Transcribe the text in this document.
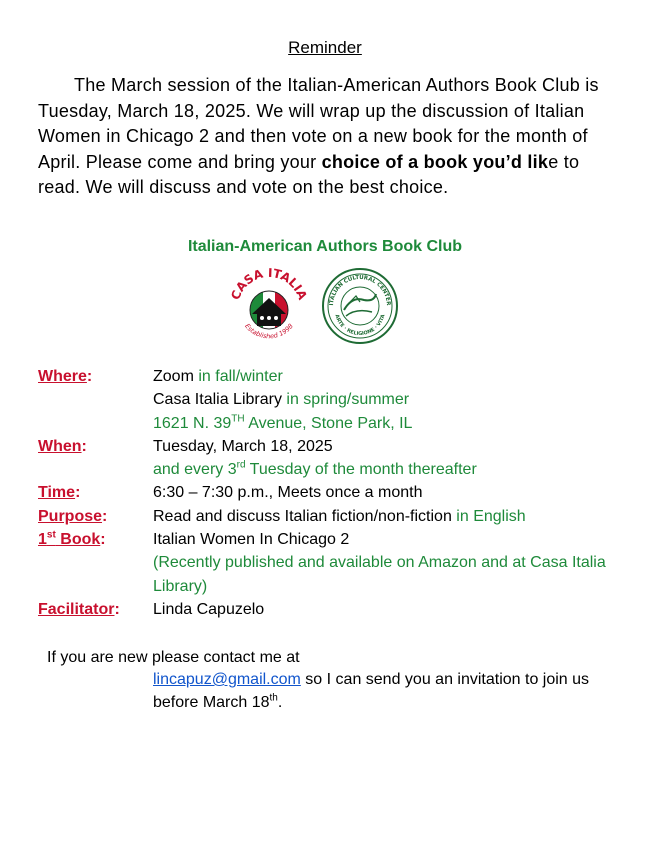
Reminder
The March session of the Italian-American Authors Book Club is Tuesday, March 18, 2025. We will wrap up the discussion of Italian Women in Chicago 2 and then vote on a new book for the month of April. Please come and bring your choice of a book you’d like to read. We will discuss and vote on the best choice.
Italian-American Authors Book Club
CASA ITALIA
Established 1998
ITALIAN CULTURAL CENTER
ARTE · RELIGIONE · VITA
Where:	Zoom in fall/winter
Casa Italia Library in spring/summer
1621 N. 39TH Avenue, Stone Park, IL
When:	Tuesday, March 18, 2025
and every 3rd Tuesday of the month thereafter
Time:	6:30 – 7:30 p.m., Meets once a month
Purpose:	Read and discuss Italian fiction/non-fiction in English
1st Book:	Italian Women In Chicago 2
(Recently published and available on Amazon and at Casa Italia Library)
Facilitator:	Linda Capuzelo
If you are new please contact me at
lincapuz@gmail.com so I can send you an invitation to join us before March 18th.
